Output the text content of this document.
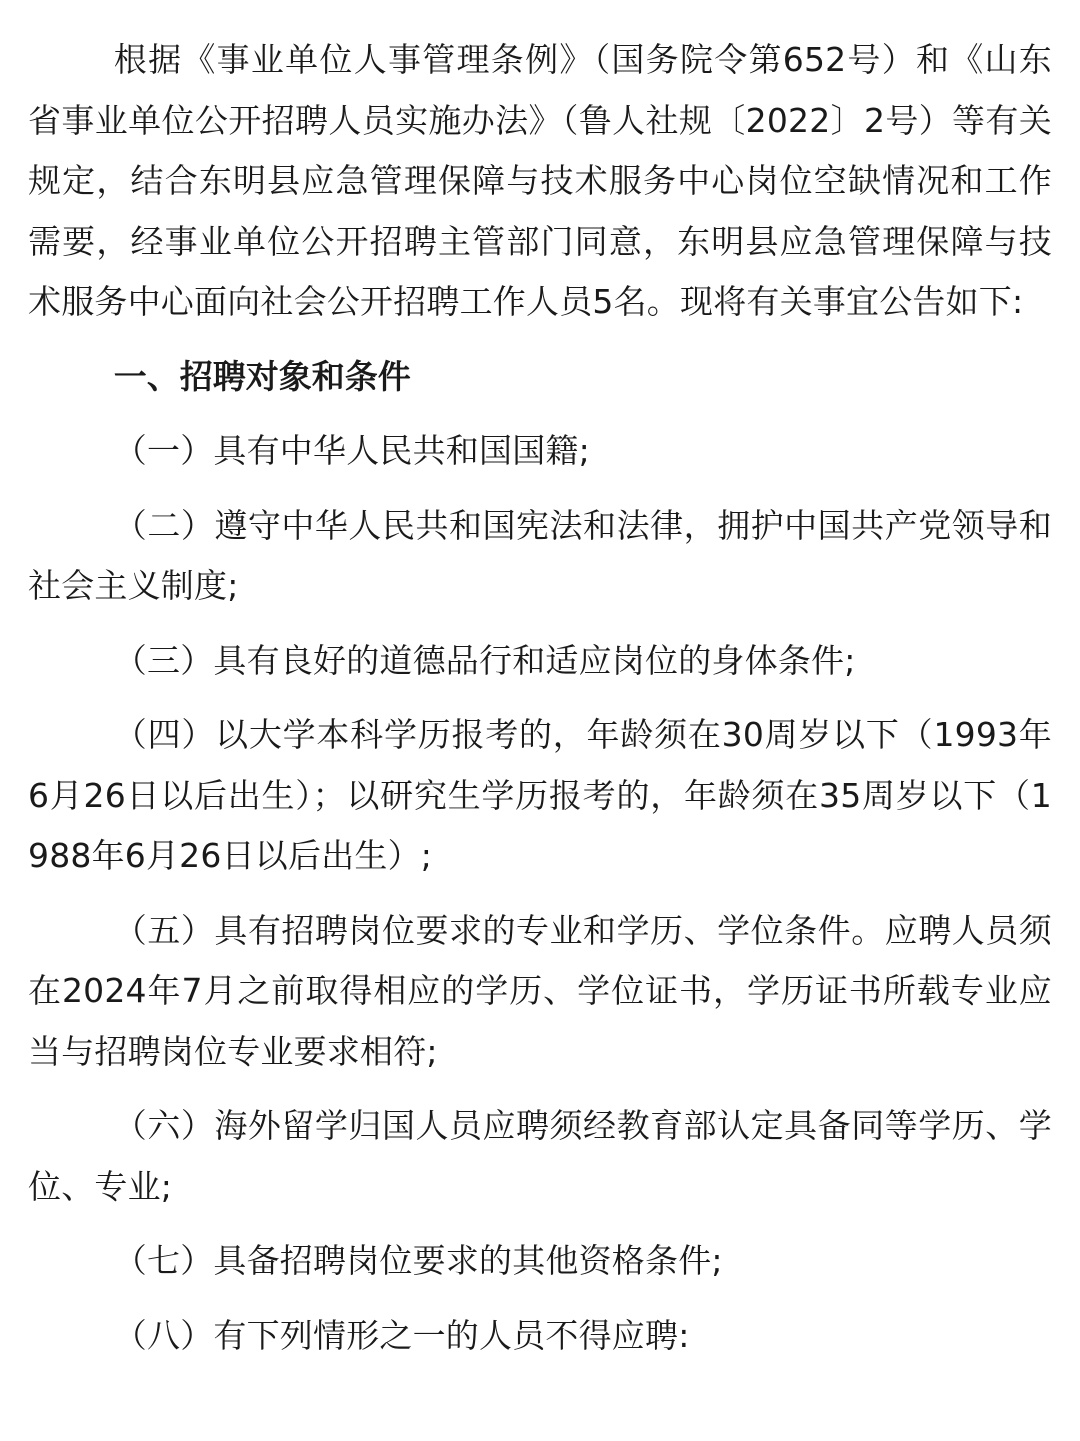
根据《事业单位人事管理条例》（国务院令第652号）和《山东省事业单位公开招聘人员实施办法》（鲁人社规〔2022〕2号）等有关规定，结合东明县应急管理保障与技术服务中心岗位空缺情况和工作需要，经事业单位公开招聘主管部门同意，东明县应急管理保障与技术服务中心面向社会公开招聘工作人员5名。现将有关事宜公告如下:

一、招聘对象和条件

（一）具有中华人民共和国国籍;

（二）遵守中华人民共和国宪法和法律，拥护中国共产党领导和社会主义制度;

（三）具有良好的道德品行和适应岗位的身体条件;

（四）以大学本科学历报考的，年龄须在30周岁以下（1993年6月26日以后出生）；以研究生学历报考的，年龄须在35周岁以下（1988年6月26日以后出生）;

（五）具有招聘岗位要求的专业和学历、学位条件。应聘人员须在2024年7月之前取得相应的学历、学位证书，学历证书所载专业应当与招聘岗位专业要求相符;

（六）海外留学归国人员应聘须经教育部认定具备同等学历、学位、专业;

（七）具备招聘岗位要求的其他资格条件;

（八）有下列情形之一的人员不得应聘:
